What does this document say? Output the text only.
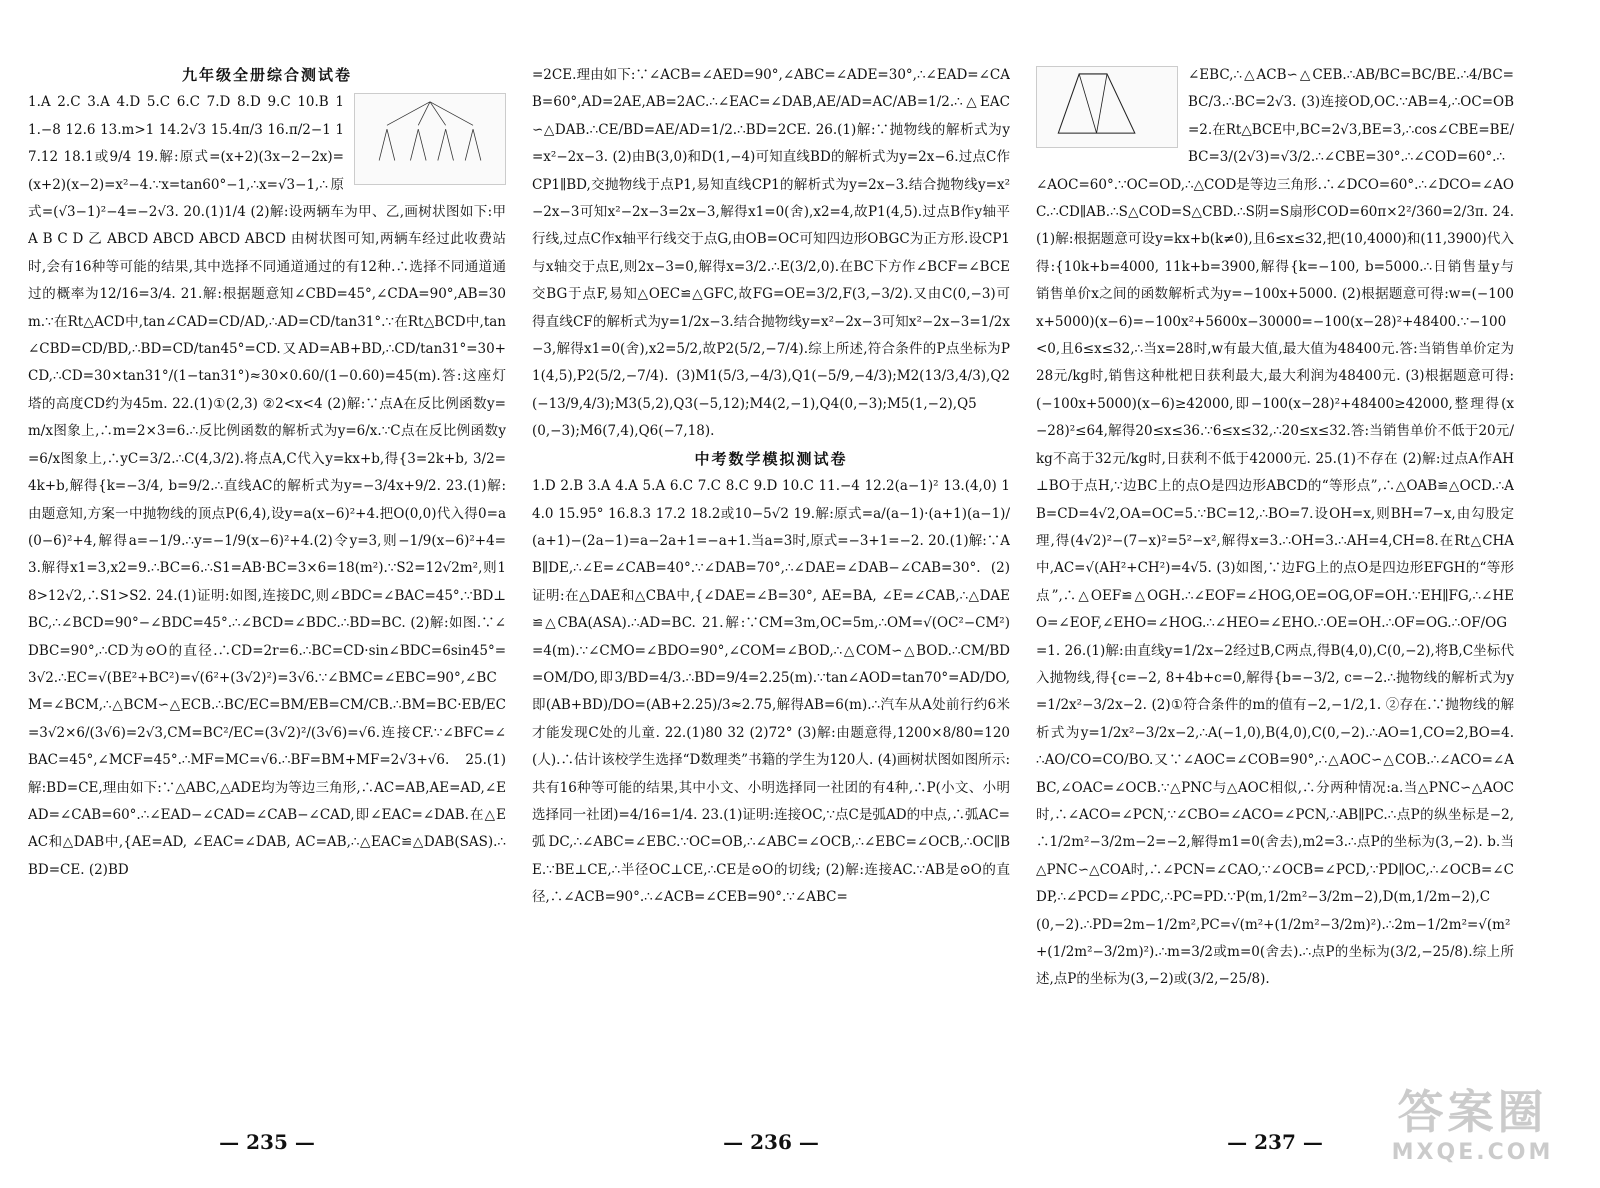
九年级全册综合测试卷

1.A 2.C 3.A 4.D 5.C 6.C 7.D 8.D 9.C 10.B 11.−8 12.6 13.m>1 14.2√3 15.4π/3 16.π/2−1 17.12 18.1或9/4 19.解:原式=(x+2)(3x−2−2x)=(x+2)(x−2)=x²−4.∵x=tan60°−1,∴x=√3−1,∴原式=(√3−1)²−4=−2√3. 20.(1)1/4 (2)解:设两辆车为甲、乙,画树状图如下:甲 A B C D 乙 ABCD ABCD ABCD ABCD 由树状图可知,两辆车经过此收费站时,会有16种等可能的结果,其中选择不同通道通过的有12种.∴选择不同通道通过的概率为12/16=3/4. 21.解:根据题意知∠CBD=45°,∠CDA=90°,AB=30m.∵在Rt△ACD中,tan∠CAD=CD/AD,∴AD=CD/tan31°.∵在Rt△BCD中,tan∠CBD=CD/BD,∴BD=CD/tan45°=CD.又AD=AB+BD,∴CD/tan31°=30+CD,∴CD=30×tan31°/(1−tan31°)≈30×0.60/(1−0.60)=45(m).答:这座灯塔的高度CD约为45m. 22.(1)①(2,3) ②2<x<4 (2)解:∵点A在反比例函数y=m/x图象上,∴m=2×3=6.∴反比例函数的解析式为y=6/x.∵C点在反比例函数y=6/x图象上,∴yC=3/2.∴C(4,3/2).将点A,C代入y=kx+b,得{3=2k+b, 3/2=4k+b,解得{k=−3/4, b=9/2.∴直线AC的解析式为y=−3/4x+9/2. 23.(1)解:由题意知,方案一中抛物线的顶点P(6,4),设y=a(x−6)²+4.把O(0,0)代入得0=a(0−6)²+4,解得a=−1/9.∴y=−1/9(x−6)²+4.(2)令y=3,则−1/9(x−6)²+4=3.解得x1=3,x2=9.∴BC=6.∴S1=AB·BC=3×6=18(m²).∵S2=12√2m²,则18>12√2,∴S1>S2. 24.(1)证明:如图,连接DC,则∠BDC=∠BAC=45°.∵BD⊥BC,∴∠BCD=90°−∠BDC=45°.∴∠BCD=∠BDC.∴BD=BC. (2)解:如图.∵∠DBC=90°,∴CD为⊙O的直径.∴CD=2r=6.∴BC=CD·sin∠BDC=6sin45°=3√2.∴EC=√(BE²+BC²)=√(6²+(3√2)²)=3√6.∵∠BMC=∠EBC=90°,∠BCM=∠BCM,∴△BCM∽△ECB.∴BC/EC=BM/EB=CM/CB.∴BM=BC·EB/EC=3√2×6/(3√6)=2√3,CM=BC²/EC=(3√2)²/(3√6)=√6.连接CF.∵∠BFC=∠BAC=45°,∠MCF=45°.∴MF=MC=√6.∴BF=BM+MF=2√3+√6. 25.(1)解:BD=CE,理由如下:∵△ABC,△ADE均为等边三角形,∴AC=AB,AE=AD,∠EAD=∠CAB=60°.∴∠EAD−∠CAD=∠CAB−∠CAD,即∠EAC=∠DAB.在△EAC和△DAB中,{AE=AD, ∠EAC=∠DAB, AC=AB,∴△EAC≌△DAB(SAS).∴BD=CE. (2)BD

=2CE.理由如下:∵∠ACB=∠AED=90°,∠ABC=∠ADE=30°,∴∠EAD=∠CAB=60°,AD=2AE,AB=2AC.∴∠EAC=∠DAB,AE/AD=AC/AB=1/2.∴△EAC∽△DAB.∴CE/BD=AE/AD=1/2.∴BD=2CE. 26.(1)解:∵抛物线的解析式为y=x²−2x−3. (2)由B(3,0)和D(1,−4)可知直线BD的解析式为y=2x−6.过点C作CP1∥BD,交抛物线于点P1,易知直线CP1的解析式为y=2x−3.结合抛物线y=x²−2x−3可知x²−2x−3=2x−3,解得x1=0(舍),x2=4,故P1(4,5).过点B作y轴平行线,过点C作x轴平行线交于点G,由OB=OC可知四边形OBGC为正方形.设CP1与x轴交于点E,则2x−3=0,解得x=3/2.∴E(3/2,0).在BC下方作∠BCF=∠BCE交BG于点F,易知△OEC≌△GFC,故FG=OE=3/2,F(3,−3/2).又由C(0,−3)可得直线CF的解析式为y=1/2x−3.结合抛物线y=x²−2x−3可知x²−2x−3=1/2x−3,解得x1=0(舍),x2=5/2,故P2(5/2,−7/4).综上所述,符合条件的P点坐标为P1(4,5),P2(5/2,−7/4). (3)M1(5/3,−4/3),Q1(−5/9,−4/3);M2(13/3,4/3),Q2(−13/9,4/3);M3(5,2),Q3(−5,12);M4(2,−1),Q4(0,−3);M5(1,−2),Q5(0,−3);M6(7,4),Q6(−7,18).

中考数学模拟测试卷

1.D 2.B 3.A 4.A 5.A 6.C 7.C 8.C 9.D 10.C 11.−4 12.2(a−1)² 13.(4,0) 14.0 15.95° 16.8.3 17.2 18.2或10−5√2 19.解:原式=a/(a−1)·(a+1)(a−1)/(a+1)−(2a−1)=a−2a+1=−a+1.当a=3时,原式=−3+1=−2. 20.(1)解:∵AB∥DE,∴∠E=∠CAB=40°.∵∠DAB=70°,∴∠DAE=∠DAB−∠CAB=30°. (2)证明:在△DAE和△CBA中,{∠DAE=∠B=30°, AE=BA, ∠E=∠CAB,∴△DAE≌△CBA(ASA).∴AD=BC. 21.解:∵CM=3m,OC=5m,∴OM=√(OC²−CM²)=4(m).∵∠CMO=∠BDO=90°,∠COM=∠BOD,∴△COM∽△BOD.∴CM/BD=OM/DO,即3/BD=4/3.∴BD=9/4=2.25(m).∵tan∠AOD=tan70°=AD/DO,即(AB+BD)/DO=(AB+2.25)/3≈2.75,解得AB=6(m).∴汽车从A处前行约6米才能发现C处的儿童. 22.(1)80 32 (2)72° (3)解:由题意得,1200×8/80=120(人).∴估计该校学生选择“D数理类”书籍的学生为120人. (4)画树状图如图所示:共有16种等可能的结果,其中小文、小明选择同一社团的有4种,∴P(小文、小明选择同一社团)=4/16=1/4. 23.(1)证明:连接OC,∵点C是弧AD的中点,∴弧AC=弧DC,∴∠ABC=∠EBC.∵OC=OB,∴∠ABC=∠OCB,∴∠EBC=∠OCB,∴OC∥BE.∵BE⊥CE,∴半径OC⊥CE,∴CE是⊙O的切线; (2)解:连接AC.∵AB是⊙O的直径,∴∠ACB=90°.∴∠ACB=∠CEB=90°.∵∠ABC=

∠EBC,∴△ACB∽△CEB.∴AB/BC=BC/BE.∴4/BC=BC/3.∴BC=2√3. (3)连接OD,OC.∵AB=4,∴OC=OB=2.在Rt△BCE中,BC=2√3,BE=3,∴cos∠CBE=BE/BC=3/(2√3)=√3/2.∴∠CBE=30°.∴∠COD=60°.∴∠AOC=60°.∵OC=OD,∴△COD是等边三角形.∴∠DCO=60°.∴∠DCO=∠AOC.∴CD∥AB.∴S△COD=S△CBD.∴S阴=S扇形COD=60π×2²/360=2/3π. 24.(1)解:根据题意可设y=kx+b(k≠0),且6≤x≤32,把(10,4000)和(11,3900)代入得:{10k+b=4000, 11k+b=3900,解得{k=−100, b=5000.∴日销售量y与销售单价x之间的函数解析式为y=−100x+5000. (2)根据题意可得:w=(−100x+5000)(x−6)=−100x²+5600x−30000=−100(x−28)²+48400.∵−100<0,且6≤x≤32,∴当x=28时,w有最大值,最大值为48400元.答:当销售单价定为28元/kg时,销售这种枇杷日获利最大,最大利润为48400元. (3)根据题意可得:(−100x+5000)(x−6)≥42000,即−100(x−28)²+48400≥42000,整理得(x−28)²≤64,解得20≤x≤36.∵6≤x≤32,∴20≤x≤32.答:当销售单价不低于20元/kg不高于32元/kg时,日获利不低于42000元. 25.(1)不存在 (2)解:过点A作AH⊥BO于点H,∵边BC上的点O是四边形ABCD的“等形点”,∴△OAB≌△OCD.∴AB=CD=4√2,OA=OC=5.∵BC=12,∴BO=7.设OH=x,则BH=7−x,由勾股定理,得(4√2)²−(7−x)²=5²−x²,解得x=3.∴OH=3.∴AH=4,CH=8.在Rt△CHA中,AC=√(AH²+CH²)=4√5. (3)如图,∵边FG上的点O是四边形EFGH的“等形点”,∴△OEF≌△OGH.∴∠EOF=∠HOG,OE=OG,OF=OH.∵EH∥FG,∴∠HEO=∠EOF,∠EHO=∠HOG.∴∠HEO=∠EHO.∴OE=OH.∴OF=OG.∴OF/OG=1. 26.(1)解:由直线y=1/2x−2经过B,C两点,得B(4,0),C(0,−2),将B,C坐标代入抛物线,得{c=−2, 8+4b+c=0,解得{b=−3/2, c=−2.∴抛物线的解析式为y=1/2x²−3/2x−2. (2)①符合条件的m的值有−2,−1/2,1. ②存在.∵抛物线的解析式为y=1/2x²−3/2x−2,∴A(−1,0),B(4,0),C(0,−2).∴AO=1,CO=2,BO=4.∴AO/CO=CO/BO.又∵∠AOC=∠COB=90°,∴△AOC∽△COB.∴∠ACO=∠ABC,∠OAC=∠OCB.∵△PNC与△AOC相似,∴分两种情况:a.当△PNC∽△AOC时,∴∠ACO=∠PCN,∵∠CBO=∠ACO=∠PCN,∴AB∥PC.∴点P的纵坐标是−2,∴1/2m²−3/2m−2=−2,解得m1=0(舍去),m2=3.∴点P的坐标为(3,−2). b.当△PNC∽△COA时,∴∠PCN=∠CAO,∵∠OCB=∠PCD,∵PD∥OC,∴∠OCB=∠CDP,∴∠PCD=∠PDC,∴PC=PD.∵P(m,1/2m²−3/2m−2),D(m,1/2m−2),C(0,−2).∴PD=2m−1/2m²,PC=√(m²+(1/2m²−3/2m)²).∴2m−1/2m²=√(m²+(1/2m²−3/2m)²).∴m=3/2或m=0(舍去).∴点P的坐标为(3/2,−25/8).综上所述,点P的坐标为(3,−2)或(3/2,−25/8).

— 235 —	— 236 —	— 237 —
答案圈
MXQE.COM
